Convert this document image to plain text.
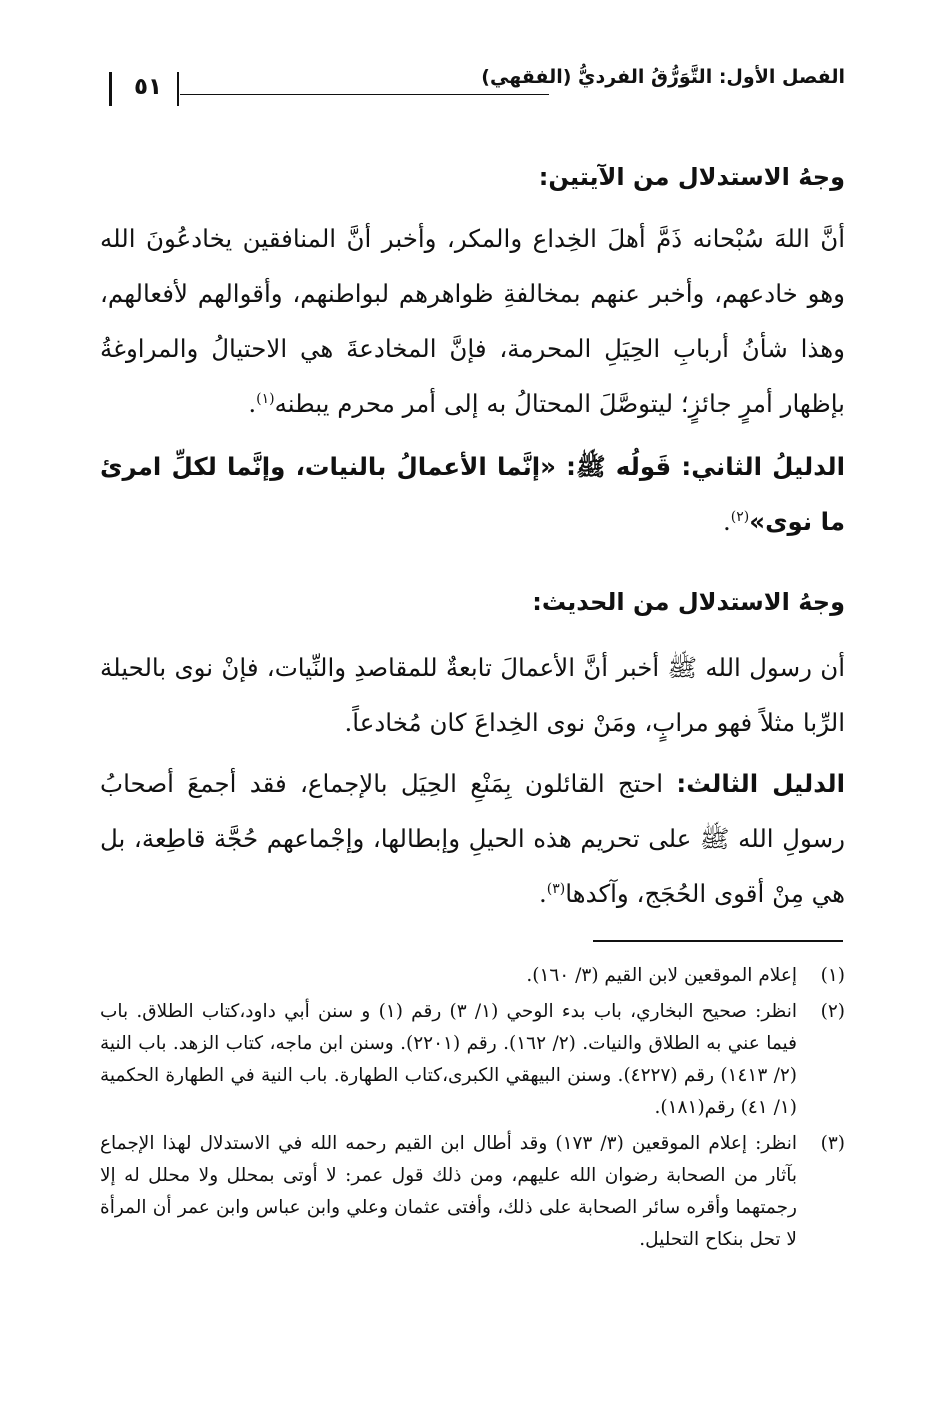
الفصل الأول: التَّوَرُّقُ الفرديُّ (الفقهي)
٥١

وجهُ الاستدلال من الآيتين:

أنَّ اللهَ سُبْحانه ذَمَّ أهلَ الخِداع والمكر، وأخبر أنَّ المنافقين يخادعُونَ الله وهو خادعهم، وأخبر عنهم بمخالفةِ ظواهرهم لبواطنهم، وأقوالهم لأفعالهم، وهذا شأنُ أربابِ الحِيَلِ المحرمة، فإنَّ المخادعةَ هي الاحتيالُ والمراوغةُ بإظهار أمرٍ جائزٍ؛ ليتوصَّلَ المحتالُ به إلى أمر محرم يبطنه$^{(١)}$.

الدليلُ الثاني: قَولُه ﷺ: «إنَّما الأعمالُ بالنيات، وإنَّما لكلِّ امرئ ما نوى»$^{(٢)}$.

وجهُ الاستدلال من الحديث:

أن رسول الله ﷺ أخبر أنَّ الأعمالَ تابعةٌ للمقاصدِ والنِّيات، فإنْ نوى بالحيلة الرِّبا مثلاً فهو مرابٍ، ومَنْ نوى الخِداعَ كان مُخادعاً.

الدليل الثالث: احتج القائلون بِمَنْعِ الحِيَل بالإجماع، فقد أجمعَ أصحابُ رسولِ الله ﷺ على تحريم هذه الحيلِ وإبطالها، وإجْماعهم حُجَّة قاطِعة، بل هي مِنْ أقوى الحُجَج، وآكدها$^{(٣)}$.

(١)
إعلام الموقعين لابن القيم (٣/ ١٦٠).
(٢)
انظر: صحيح البخاري، باب بدء الوحي (١/ ٣) رقم (١) و سنن أبي داود،كتاب الطلاق. باب فيما عني به الطلاق والنيات. (٢/ ١٦٢). رقم (٢٢٠١). وسنن ابن ماجه، كتاب الزهد. باب النية (٢/ ١٤١٣) رقم (٤٢٢٧). وسنن البيهقي الكبرى،كتاب الطهارة. باب النية في الطهارة الحكمية (١/ ٤١) رقم(١٨١).
(٣)
انظر: إعلام الموقعين (٣/ ١٧٣) وقد أطال ابن القيم رحمه الله في الاستدلال لهذا الإجماع بآثار من الصحابة رضوان الله عليهم، ومن ذلك قول عمر: لا أوتى بمحلل ولا محلل له إلا رجمتهما وأقره سائر الصحابة على ذلك، وأفتى عثمان وعلي وابن عباس وابن عمر أن المرأة لا تحل بنكاح التحليل.
